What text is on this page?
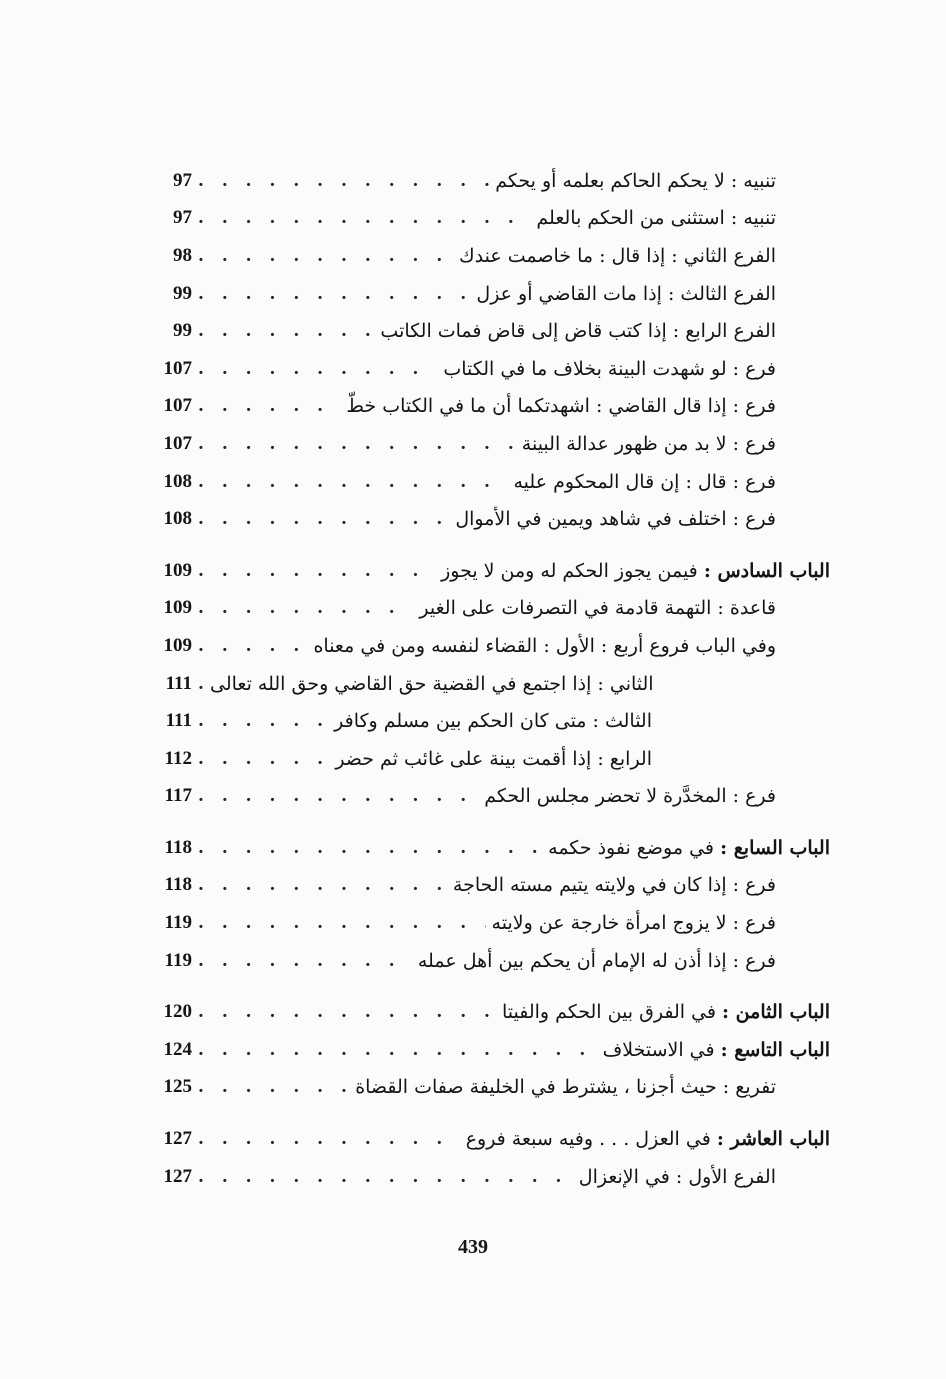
97 . . .	تنبيه : لا يحكم الحاكم بعلمه أو يحكم
97 . . .	تنبيه : استثنى من الحكم بالعلم
98 . . .	الفرع الثاني : إذا قال : ما خاصمت عندك
99 . . .	الفرع الثالث : إذا مات القاضي أو عزل
99 . . .	الفرع الرابع : إذا كتب قاض إلى قاض فمات الكاتب
107 . . .	فرع : لو شهدت البينة بخلاف ما في الكتاب
107 . . .	فرع : إذا قال القاضي : اشهدتكما أن ما في الكتاب خطّ
107 . . .	فرع : لا بد من ظهور عدالة البينة
108 . . .	فرع : قال : إن قال المحكوم عليه
108 . . .	فرع : اختلف في شاهد ويمين في الأموال
109 . . .	الباب السادس : فيمن يجوز الحكم له ومن لا يجوز
109 . . .	قاعدة : التهمة قادمة في التصرفات على الغير
109 . . .	وفي الباب فروع أربع : الأول : القضاء لنفسه ومن في معناه
111 . . . الثاني : إذا اجتمع في القضية حق القاضي وحق الله تعالى
111 . . .	الثالث : متى كان الحكم بين مسلم وكافر
112 . . .	الرابع : إذا أقمت بينة على غائب ثم حضر
117 . . .	فرع : المخدَّرة لا تحضر مجلس الحكم
118 . . .	الباب السابع : في موضع نفوذ حكمه
118 . . .	فرع : إذا كان في ولايته يتيم مسته الحاجة
119 . . .	فرع : لا يزوج امرأة خارجة عن ولايته
119 . . .	فرع : إذا أذن له الإمام أن يحكم بين أهل عمله
120 . . .	الباب الثامن : في الفرق بين الحكم والفيتا
124 . . .	الباب التاسع : في الاستخلاف
125 . . .	تفريع : حيث أجزنا ، يشترط في الخليفة صفات القضاة
127 . . .	الباب العاشر : في العزل . . . وفيه سبعة فروع
127 . . .	الفرع الأول : في الإنعزال
439
